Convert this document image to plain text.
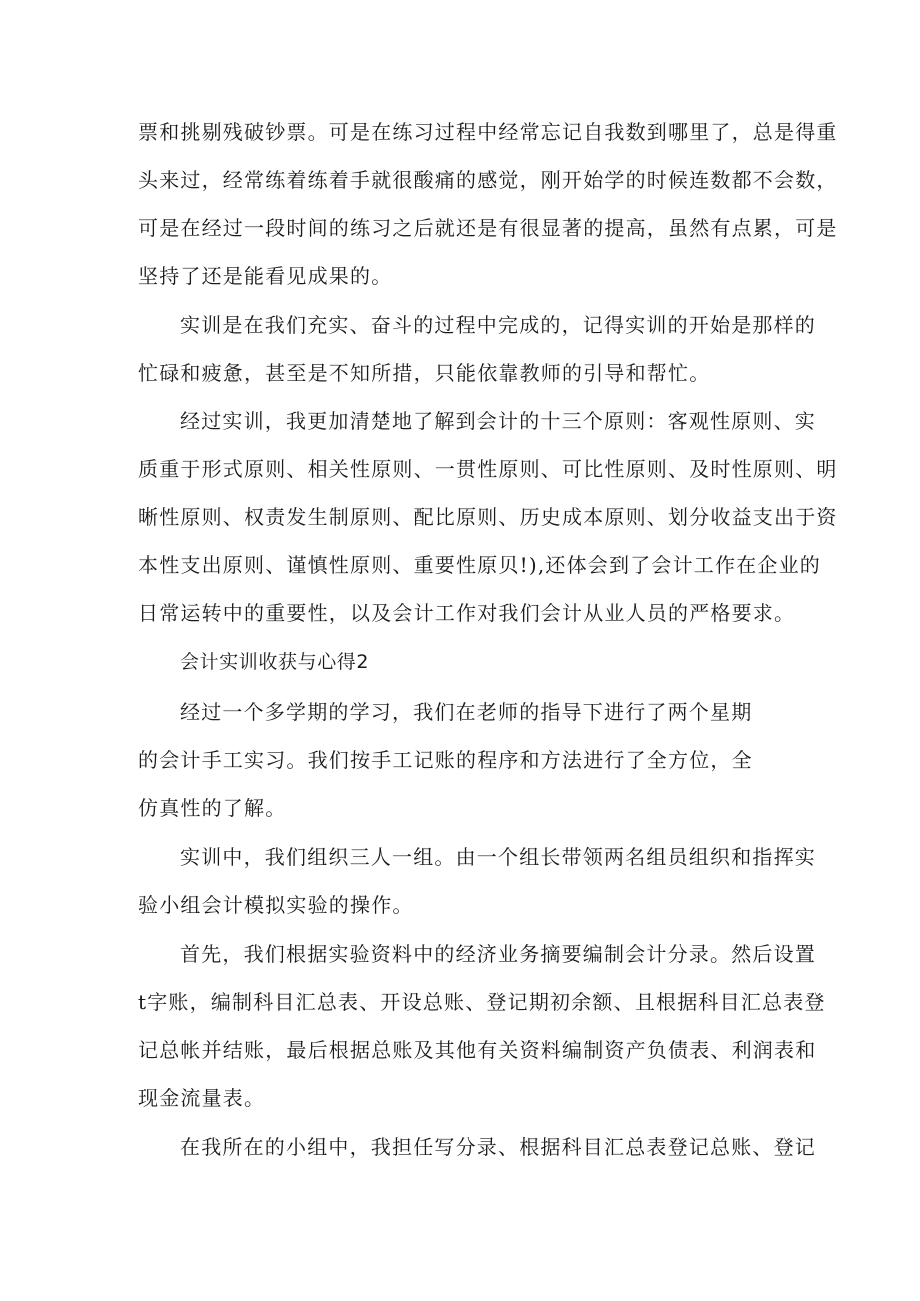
票和挑剔残破钞票。可是在练习过程中经常忘记自我数到哪里了，总是得重
头来过，经常练着练着手就很酸痛的感觉，刚开始学的时候连数都不会数，
可是在经过一段时间的练习之后就还是有很显著的提高，虽然有点累，可是
坚持了还是能看见成果的。
实训是在我们充实、奋斗的过程中完成的，记得实训的开始是那样的
忙碌和疲惫，甚至是不知所措，只能依靠教师的引导和帮忙。
经过实训，我更加清楚地了解到会计的十三个原则：客观性原则、实
质重于形式原则、相关性原则、一贯性原则、可比性原则、及时性原则、明
晰性原则、权责发生制原则、配比原则、历史成本原则、划分收益支出于资
本性支出原则、谨慎性原则、重要性原贝!),还体会到了会计工作在企业的
日常运转中的重要性，以及会计工作对我们会计从业人员的严格要求。
会计实训收获与心得2
经过一个多学期的学习，我们在老师的指导下进行了两个星期
的会计手工实习。我们按手工记账的程序和方法进行了全方位，全
仿真性的了解。
实训中，我们组织三人一组。由一个组长带领两名组员组织和指挥实
验小组会计模拟实验的操作。
首先，我们根据实验资料中的经济业务摘要编制会计分录。然后设置
t字账，编制科目汇总表、开设总账、登记期初余额、且根据科目汇总表登
记总帐并结账，最后根据总账及其他有关资料编制资产负债表、利润表和
现金流量表。
在我所在的小组中，我担任写分录、根据科目汇总表登记总账、登记
